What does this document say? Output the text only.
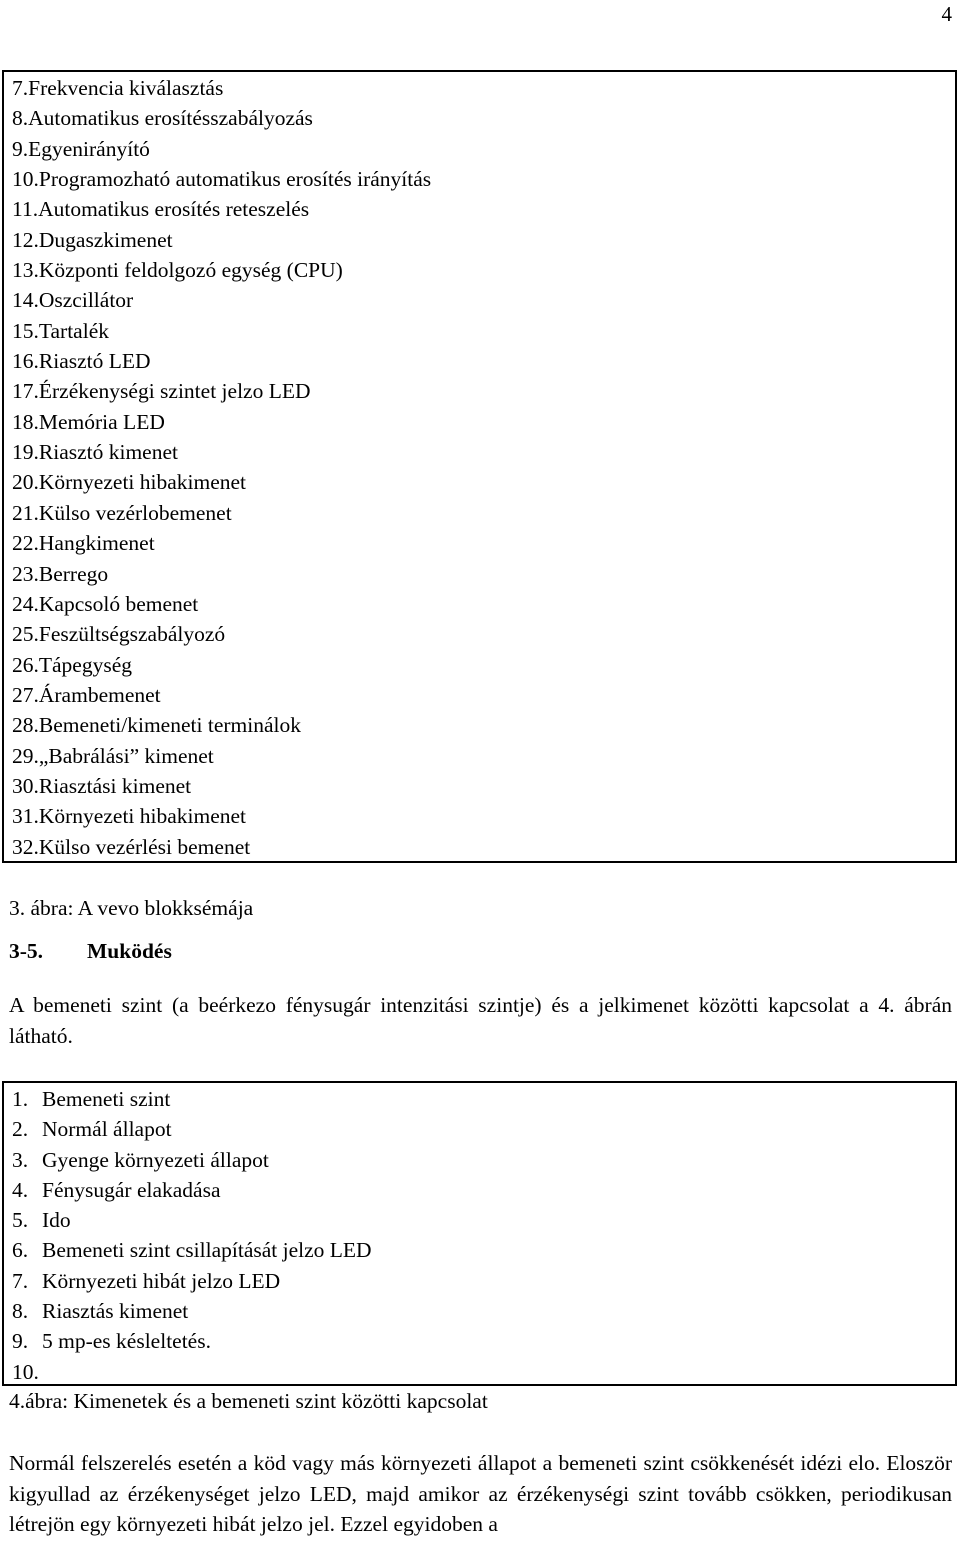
4
7.Frekvencia kiválasztás
8.Automatikus erosítésszabályozás
9.Egyenirányító
10.Programozható automatikus erosítés irányítás
11.Automatikus erosítés reteszelés
12.Dugaszkimenet
13.Központi feldolgozó egység (CPU)
14.Oszcillátor
15.Tartalék
16.Riasztó LED
17.Érzékenységi szintet jelzo LED
18.Memória LED
19.Riasztó kimenet
20.Környezeti hibakimenet
21.Külso vezérlobemenet
22.Hangkimenet
23.Berrego
24.Kapcsoló bemenet
25.Feszültségszabályozó
26.Tápegység
27.Árambemenet
28.Bemeneti/kimeneti terminálok
29.„Babrálási” kimenet
30.Riasztási kimenet
31.Környezeti hibakimenet
32.Külso vezérlési bemenet
3. ábra: A vevo blokksémája
3-5. Muködés

A bemeneti szint (a beérkezo fénysugár intenzitási szintje) és a jelkimenet közötti kapcsolat a 4. ábrán látható.

1. Bemeneti szint
2. Normál állapot
3. Gyenge környezeti állapot
4. Fénysugár elakadása
5. Ido
6. Bemeneti szint csillapítását jelzo LED
7. Környezeti hibát jelzo LED
8. Riasztás kimenet
9. 5 mp-es késleltetés.
10.
4.ábra: Kimenetek és a bemeneti szint közötti kapcsolat

Normál felszerelés esetén a köd vagy más környezeti állapot a bemeneti szint csökkenését idézi elo. Eloször kigyullad az érzékenységet jelzo LED, majd amikor az érzékenységi szint tovább csökken, periodikusan létrejön egy környezeti hibát jelzo jel. Ezzel egyidoben a
